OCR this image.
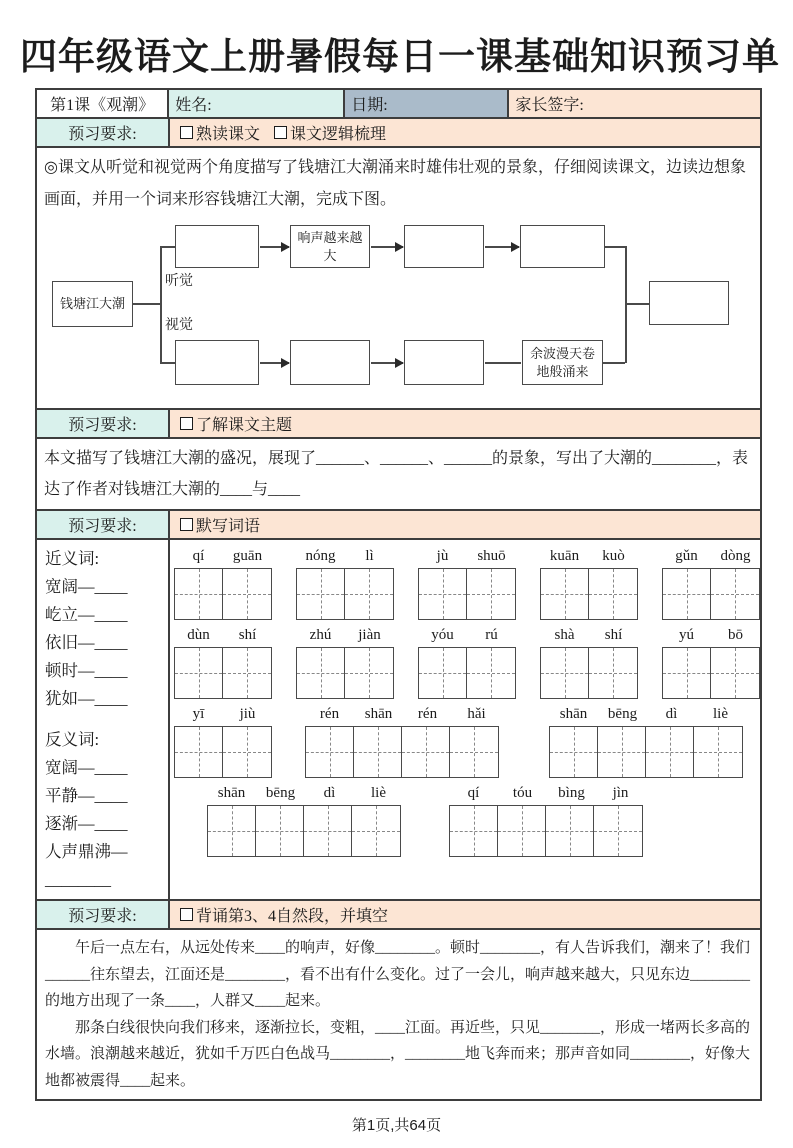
四年级语文上册暑假每日一课基础知识预习单
第1课《观潮》	姓名:	日期:	家长签字:
预习要求:	熟读课文 课文逻辑梳理
◎课文从听觉和视觉两个角度描写了钱塘江大潮涌来时雄伟壮观的景象，仔细阅读课文，边读边想象画面，并用一个词来形容钱塘江大潮，完成下图。
钱塘江大潮
听觉
视觉
响声越来越大
余波漫天卷地般涌来
预习要求:	了解课文主题
本文描写了钱塘江大潮的盛况，展现了______、______、______的景象，写出了大潮的________，表达了作者对钱塘江大潮的____与____
预习要求:	默写词语
近义词:
宽阔—____
屹立—____
依旧—____
顿时—____
犹如—____
反义词:
宽阔—____
平静—____
逐渐—____
人声鼎沸—
________
qí	guān	nóng	lì	jù	shuō	kuān	kuò	gǔn	dòng
dùn	shí	zhú	jiàn	yóu	rú	shà	shí	yú	bō
yī	jiù	rén	shān	rén	hǎi	shān	bēng	dì	liè
shān	bēng	dì	liè	qí	tóu	bìng	jìn
预习要求:	背诵第3、4自然段，并填空

午后一点左右，从远处传来____的响声，好像________。顿时________，有人告诉我们，潮来了！我们______往东望去，江面还是________，看不出有什么变化。过了一会儿，响声越来越大，只见东边________的地方出现了一条____，人群又____起来。

那条白线很快向我们移来，逐渐拉长，变粗，____江面。再近些，只见________，形成一堵两长多高的水墙。浪潮越来越近，犹如千万匹白色战马________，________地飞奔而来；那声音如同________，好像大地都被震得____起来。

第1页,共64页
